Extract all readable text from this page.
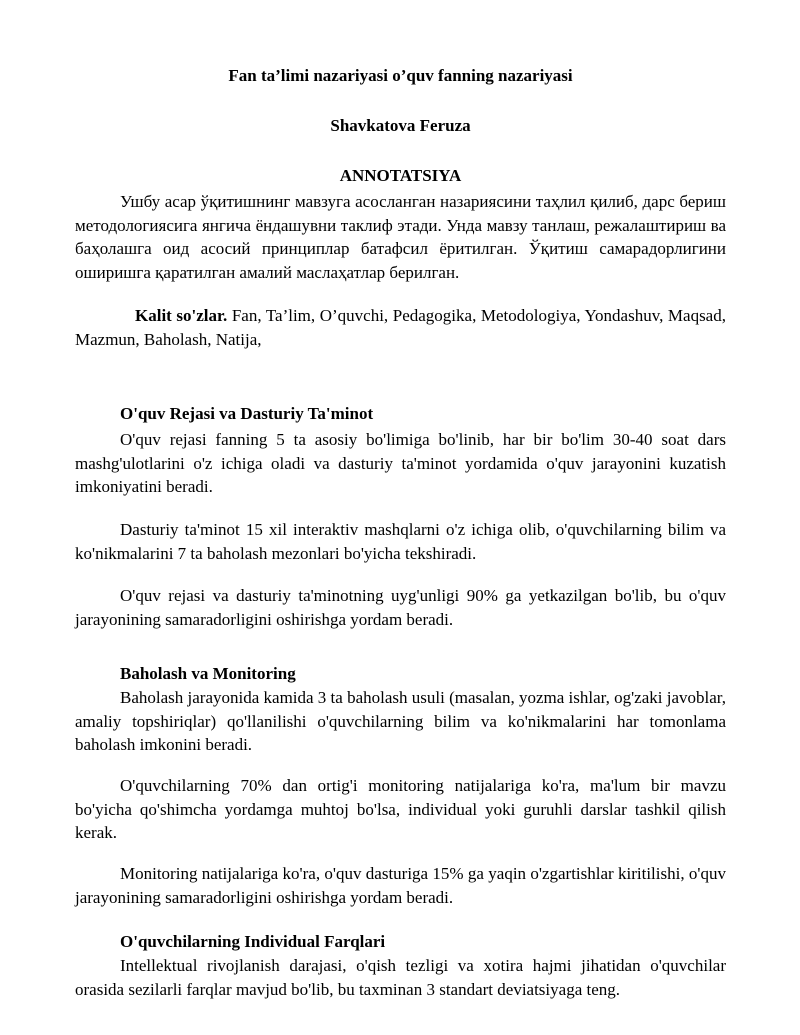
Fan ta’limi nazariyasi o’quv fanning nazariyasi
Shavkatova Feruza
ANNOTATSIYA

Ушбу асар ўқитишнинг мавзуга асосланган назариясини таҳлил қилиб, дарс бериш методологиясига янгича ёндашувни таклиф этади. Унда мавзу танлаш, режалаштириш ва баҳолашга оид асосий принциплар батафсил ёритилган. Ўқитиш самарадорлигини оширишга қаратилган амалий маслаҳатлар берилган.

Kalit so'zlar. Fan, Ta’lim, O’quvchi, Pedagogika, Metodologiya, Yondashuv, Maqsad, Mazmun, Baholash, Natija,

O'quv Rejasi va Dasturiy Ta'minot

O'quv rejasi fanning 5 ta asosiy bo'limiga bo'linib, har bir bo'lim 30-40 soat dars mashg'ulotlarini o'z ichiga oladi va dasturiy ta'minot yordamida o'quv jarayonini kuzatish imkoniyatini beradi.

Dasturiy ta'minot 15 xil interaktiv mashqlarni o'z ichiga olib, o'quvchilarning bilim va ko'nikmalarini 7 ta baholash mezonlari bo'yicha tekshiradi.

O'quv rejasi va dasturiy ta'minotning uyg'unligi 90% ga yetkazilgan bo'lib, bu o'quv jarayonining samaradorligini oshirishga yordam beradi.

Baholash va Monitoring

Baholash jarayonida kamida 3 ta baholash usuli (masalan, yozma ishlar, og'zaki javoblar, amaliy topshiriqlar) qo'llanilishi o'quvchilarning bilim va ko'nikmalarini har tomonlama baholash imkonini beradi.

O'quvchilarning 70% dan ortig'i monitoring natijalariga ko'ra, ma'lum bir mavzu bo'yicha qo'shimcha yordamga muhtoj bo'lsa, individual yoki guruhli darslar tashkil qilish kerak.

Monitoring natijalariga ko'ra, o'quv dasturiga 15% ga yaqin o'zgartishlar kiritilishi, o'quv jarayonining samaradorligini oshirishga yordam beradi.

O'quvchilarning Individual Farqlari

Intellektual rivojlanish darajasi, o'qish tezligi va xotira hajmi jihatidan o'quvchilar orasida sezilarli farqlar mavjud bo'lib, bu taxminan 3 standart deviatsiyaga teng.
